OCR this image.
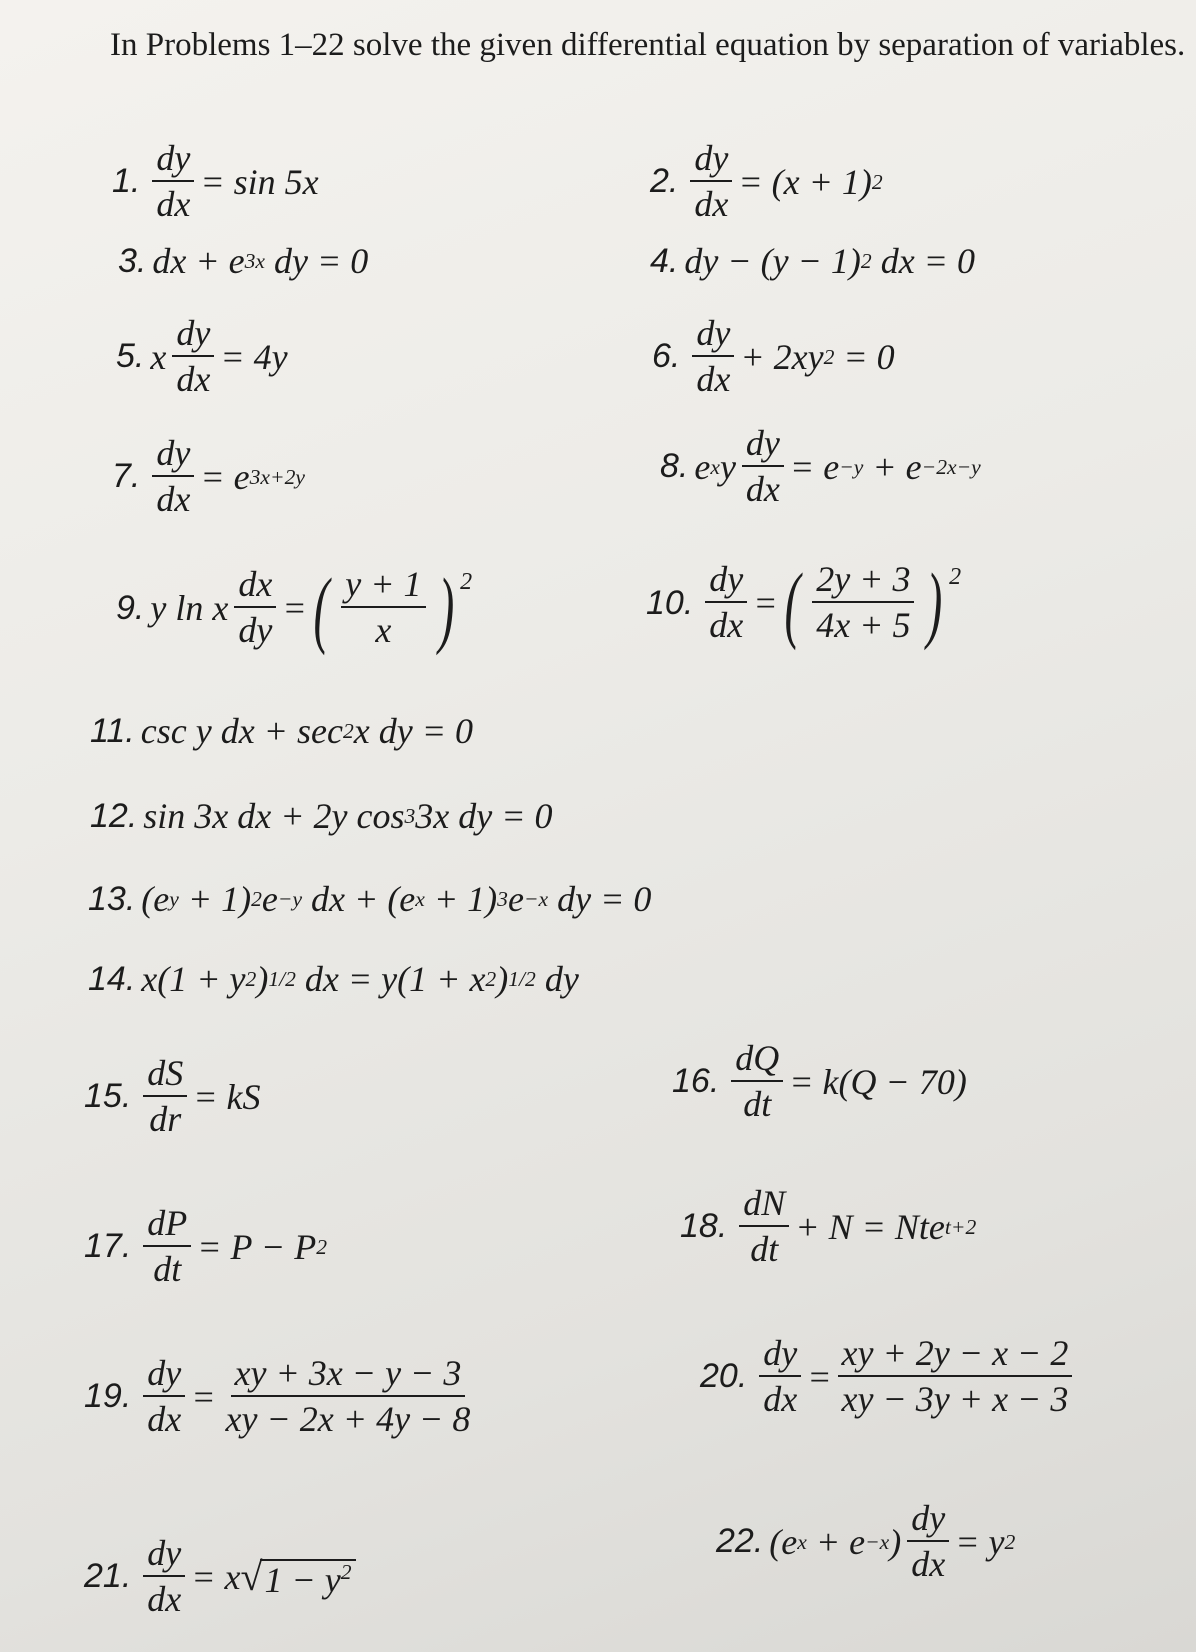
In Problems 1–22 solve the given differential equation by separation of variables.
1. $\frac{dy}{dx} = \sin 5x$	2. $\frac{dy}{dx} = (x + 1)$ 2
3. dx + e 3x
dy = 0	4. dy − (y − 1) 2
dx = 0
5. x $\frac{dy}{dx} = 4y$	6. $\frac{dy}{dx} + 2xy$ 2
= 0
7. $\frac{dy}{dx} = e$ 3x+2y	8. e x y $\frac{dy}{dx} = e -y$
+ e −2x−y
9. y ln x $\frac{dx}{dy}$ = ( $\frac{y + 1}{x}$ ) 2
10. $\frac{dy}{dx}$ = ( $\frac{2y + 3}{4x + 5}$ ) 2
11. csc y dx + sec 2 x dy = 0
12. sin 3x dx + 2y cos 3 3x dy = 0
13. (e y
+ 1) 2 e −y
dx + (e x
+ 1) 3 e −x
dy = 0
14. x(1 + y 2 ) 1/2
dx = y(1 + x 2 ) 1/2
dy
15. $\frac{dS}{dr}$ = kS	16. $\frac{dQ}{dt} = k(Q - 70)$
17. $\frac{dP}{dt} = P - P$ 2
18. $\frac{dN}{dt} + N$ = Nte t+2
19. $\frac{dy}{dx} = \frac{xy + 3x - y - 3}{xy - 2x + 4y - 8}$	20. $\frac{dy}{dx} = \frac{xy + 2y - x - 2}{xy - 3y + x - 3}$
21. $\frac{dy}{dx} = x$ √ $1 - y^2$
22. (e x
+ e −x ) $\frac{dy}{dx} = y$ 2
